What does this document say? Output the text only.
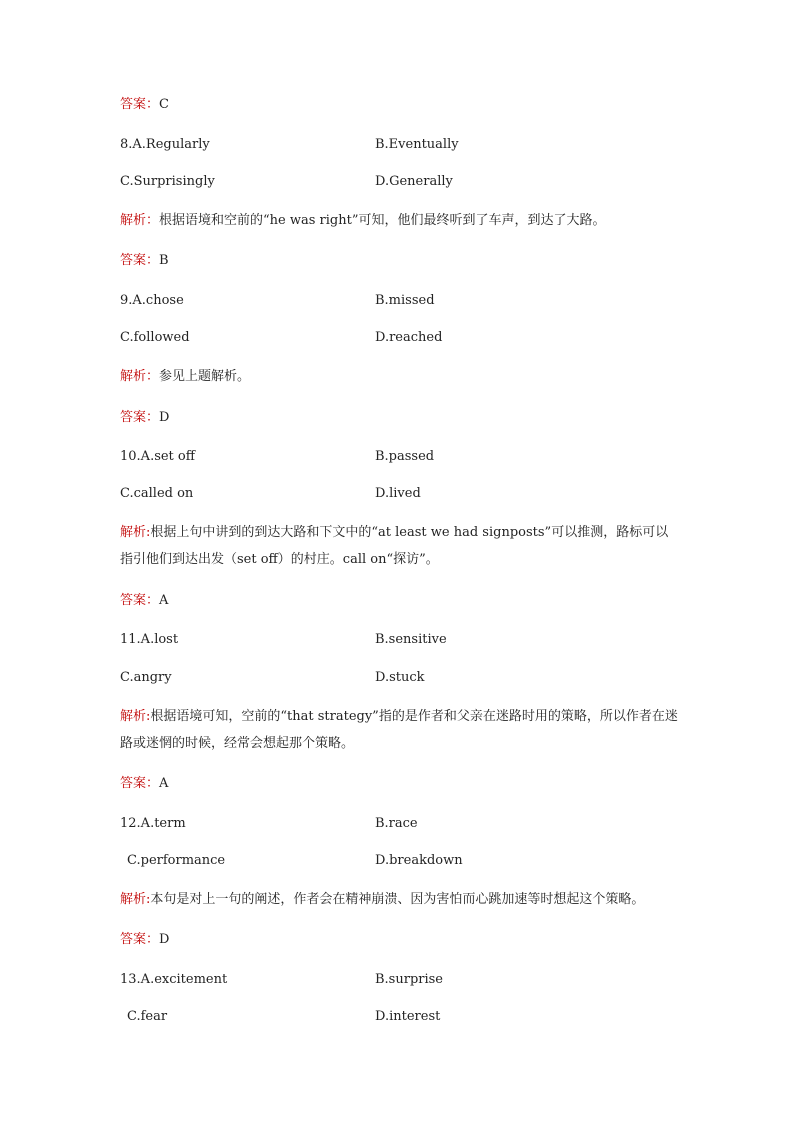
答案：C
8.A.Regularly	B.Eventually
C.Surprisingly	D.Generally
解析：根据语境和空前的“he was right”可知，他们最终听到了车声，到达了大路。
答案：B
9.A.chose	B.missed
C.followed	D.reached
解析：参见上题解析。
答案：D
10.A.set off	B.passed
C.called on	D.lived
解析:根据上句中讲到的到达大路和下文中的“at least we had signposts”可以推测，路标可以指引他们到达出发（set off）的村庄。call on“探访”。
答案：A
11.A.lost	B.sensitive
C.angry	D.stuck
解析:根据语境可知，空前的“that strategy”指的是作者和父亲在迷路时用的策略，所以作者在迷路或迷惘的时候，经常会想起那个策略。
答案：A
12.A.term	B.race
C.performance	D.breakdown
解析:本句是对上一句的阐述，作者会在精神崩溃、因为害怕而心跳加速等时想起这个策略。
答案：D
13.A.excitement	B.surprise
C.fear	D.interest
